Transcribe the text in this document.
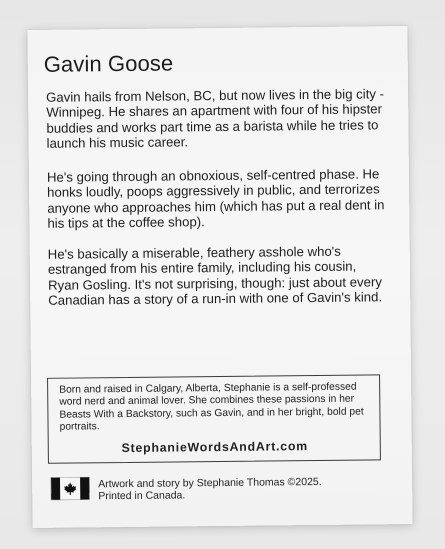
Gavin Goose

Gavin hails from Nelson, BC, but now lives in the big city - Winnipeg. He shares an apartment with four of his hipster buddies and works part time as a barista while he tries to launch his music career.

He's going through an obnoxious, self-centred phase. He honks loudly, poops aggressively in public, and terrorizes anyone who approaches him (which has put a real dent in his tips at the coffee shop).

He's basically a miserable, feathery asshole who's estranged from his entire family, including his cousin, Ryan Gosling. It's not surprising, though: just about every Canadian has a story of a run-in with one of Gavin's kind.

Born and raised in Calgary, Alberta, Stephanie is a self-professed word nerd and animal lover. She combines these passions in her Beasts With a Backstory, such as Gavin, and in her bright, bold pet portraits.

StephanieWordsAndArt.com

Artwork and story by Stephanie Thomas ©2025.
Printed in Canada.
